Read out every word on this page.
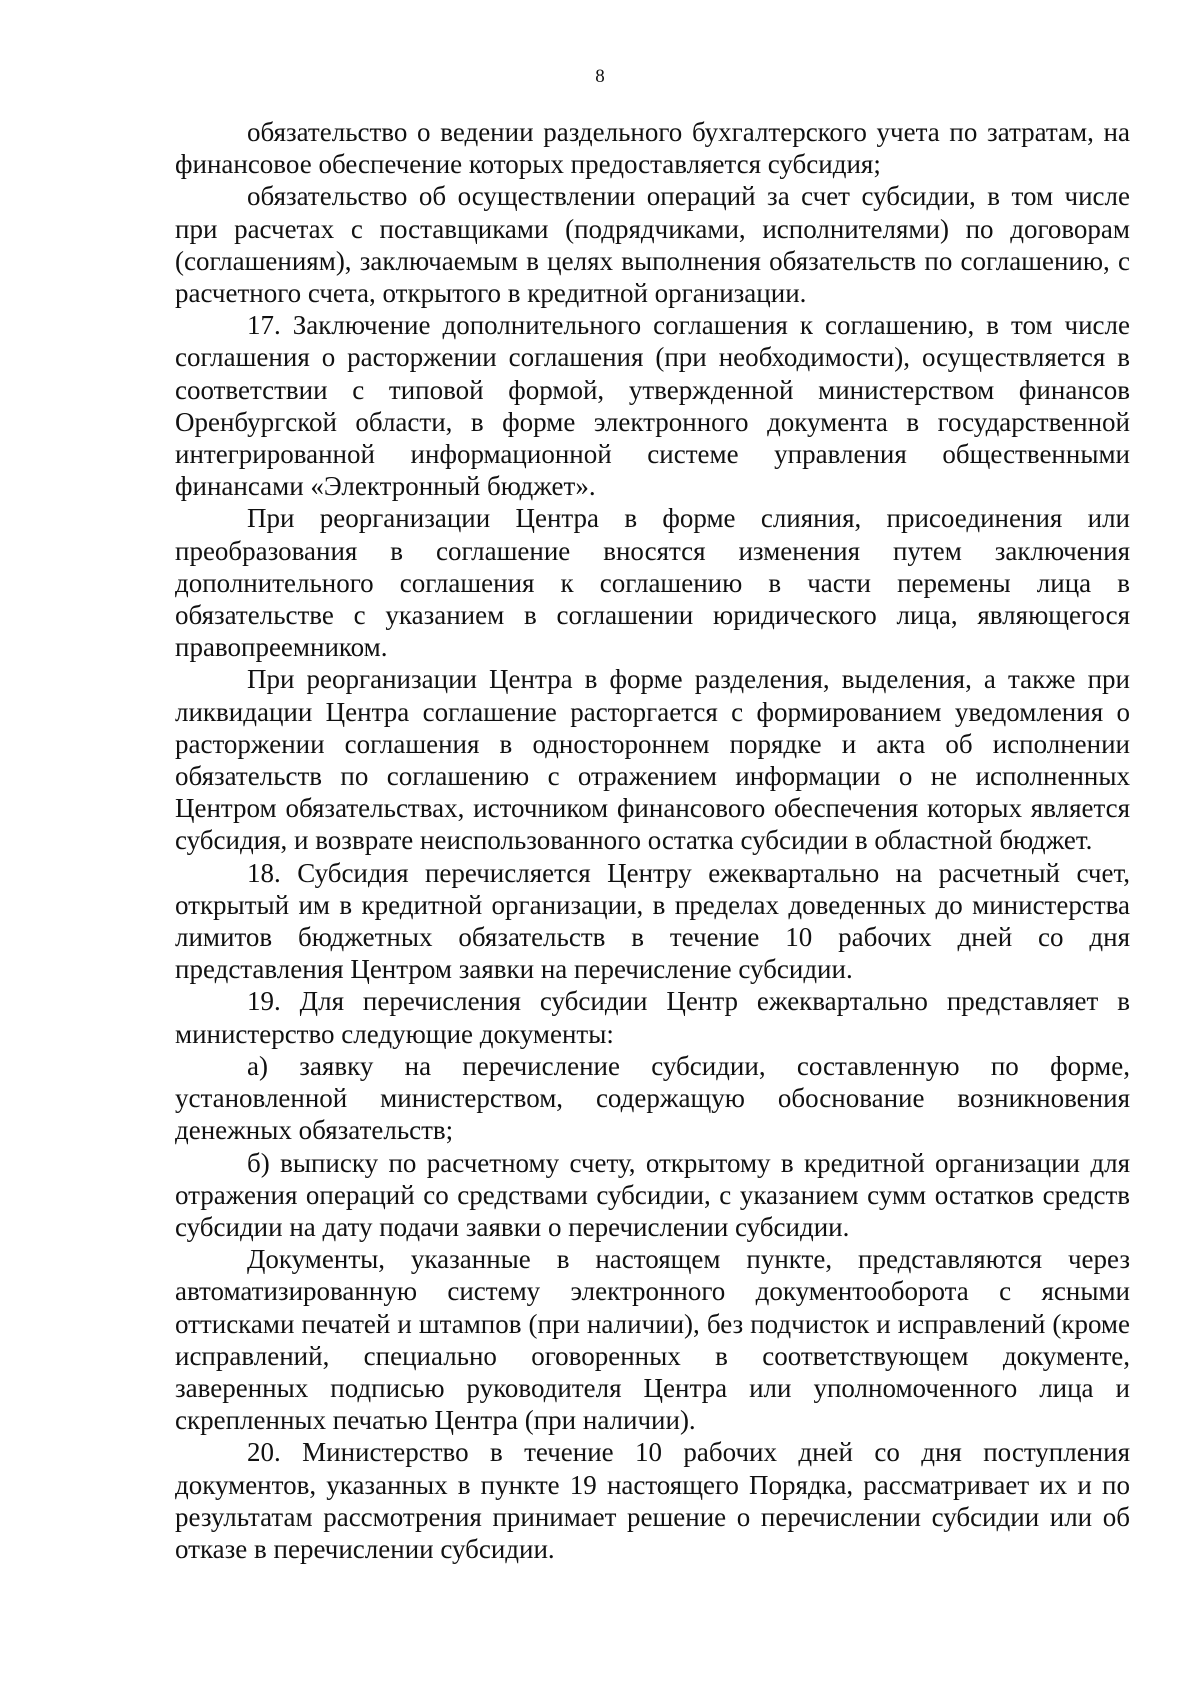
8

обязательство о ведении раздельного бухгалтерского учета по затратам, на финансовое обеспечение которых предоставляется субсидия;

обязательство об осуществлении операций за счет субсидии, в том числе при расчетах с поставщиками (подрядчиками, исполнителями) по договорам (соглашениям), заключаемым в целях выполнения обязательств по соглашению, с расчетного счета, открытого в кредитной организации.

17. Заключение дополнительного соглашения к соглашению, в том числе соглашения о расторжении соглашения (при необходимости), осуществляется в соответствии с типовой формой, утвержденной министерством финансов Оренбургской области, в форме электронного документа в государственной интегрированной информационной системе управления общественными финансами «Электронный бюджет».

При реорганизации Центра в форме слияния, присоединения или преобразования в соглашение вносятся изменения путем заключения дополнительного соглашения к соглашению в части перемены лица в обязательстве с указанием в соглашении юридического лица, являющегося правопреемником.

При реорганизации Центра в форме разделения, выделения, а также при ликвидации Центра соглашение расторгается с формированием уведомления о расторжении соглашения в одностороннем порядке и акта об исполнении обязательств по соглашению с отражением информации о не исполненных Центром обязательствах, источником финансового обеспечения которых является субсидия, и возврате неиспользованного остатка субсидии в областной бюджет.

18. Субсидия перечисляется Центру ежеквартально на расчетный счет, открытый им в кредитной организации, в пределах доведенных до министерства лимитов бюджетных обязательств в течение 10 рабочих дней со дня представления Центром заявки на перечисление субсидии.

19. Для перечисления субсидии Центр ежеквартально представляет в министерство следующие документы:

а) заявку на перечисление субсидии, составленную по форме, установленной министерством, содержащую обоснование возникновения денежных обязательств;

б) выписку по расчетному счету, открытому в кредитной организации для отражения операций со средствами субсидии, с указанием сумм остатков средств субсидии на дату подачи заявки о перечислении субсидии.

Документы, указанные в настоящем пункте, представляются через автоматизированную систему электронного документооборота с ясными оттисками печатей и штампов (при наличии), без подчисток и исправлений (кроме исправлений, специально оговоренных в соответствующем документе, заверенных подписью руководителя Центра или уполномоченного лица и скрепленных печатью Центра (при наличии).

20. Министерство в течение 10 рабочих дней со дня поступления документов, указанных в пункте 19 настоящего Порядка, рассматривает их и по результатам рассмотрения принимает решение о перечислении субсидии или об отказе в перечислении субсидии.
